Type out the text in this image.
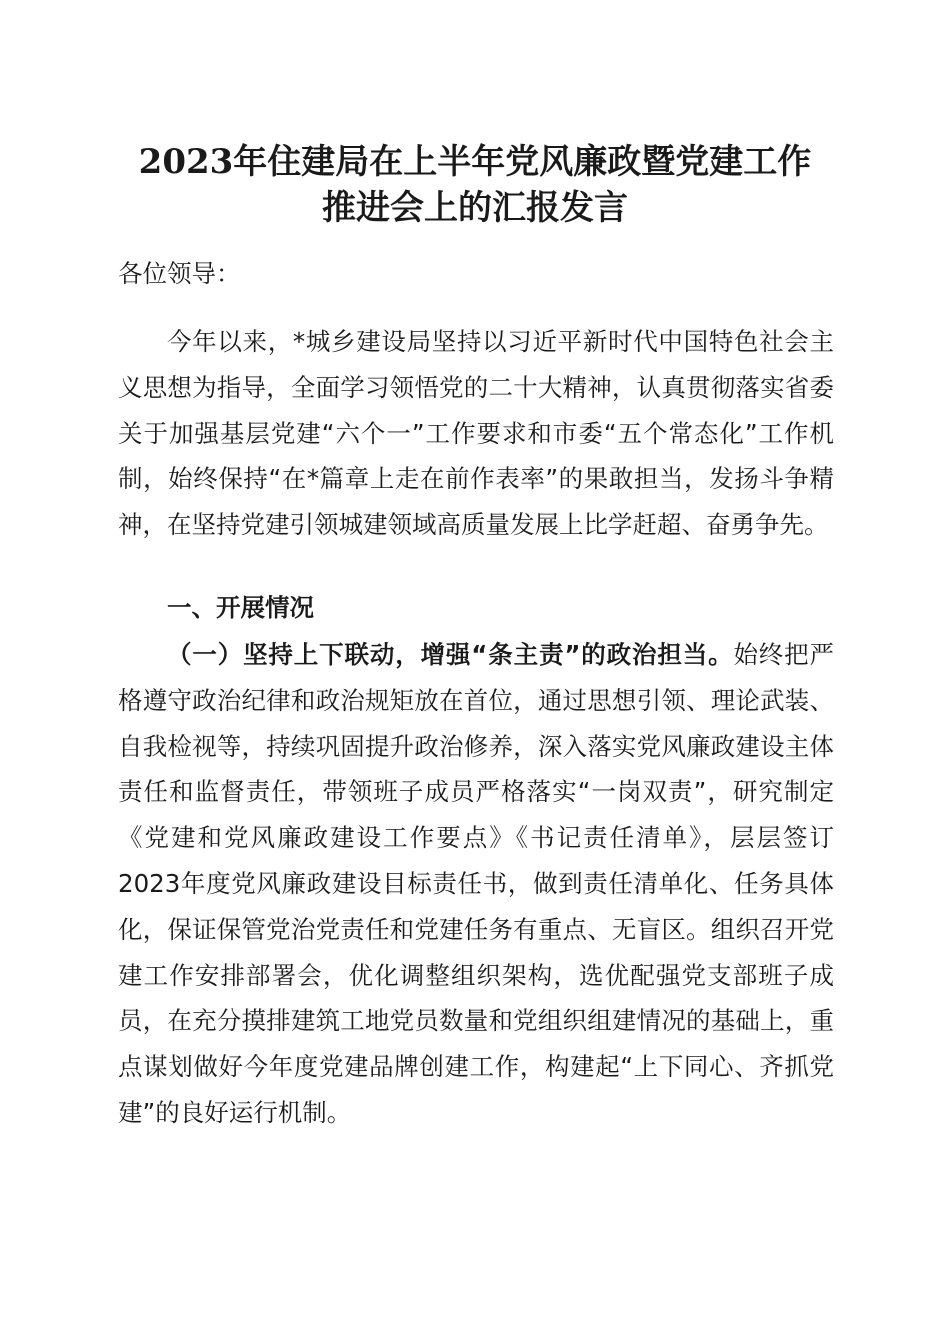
2023年住建局在上半年党风廉政暨党建工作
推进会上的汇报发言

各位领导：

今年以来，*城乡建设局坚持以习近平新时代中国特色社会主义思想为指导，全面学习领悟党的二十大精神，认真贯彻落实省委关于加强基层党建“六个一”工作要求和市委“五个常态化”工作机制，始终保持“在*篇章上走在前作表率”的果敢担当，发扬斗争精神，在坚持党建引领城建领域高质量发展上比学赶超、奋勇争先。

一、开展情况

（一）坚持上下联动，增强“条主责”的政治担当。始终把严格遵守政治纪律和政治规矩放在首位，通过思想引领、理论武装、自我检视等，持续巩固提升政治修养，深入落实党风廉政建设主体责任和监督责任，带领班子成员严格落实“一岗双责”，研究制定《党建和党风廉政建设工作要点》《书记责任清单》，层层签订2023年度党风廉政建设目标责任书，做到责任清单化、任务具体化，保证保管党治党责任和党建任务有重点、无盲区。组织召开党建工作安排部署会，优化调整组织架构，选优配强党支部班子成员，在充分摸排建筑工地党员数量和党组织组建情况的基础上，重点谋划做好今年度党建品牌创建工作，构建起“上下同心、齐抓党建”的良好运行机制。
